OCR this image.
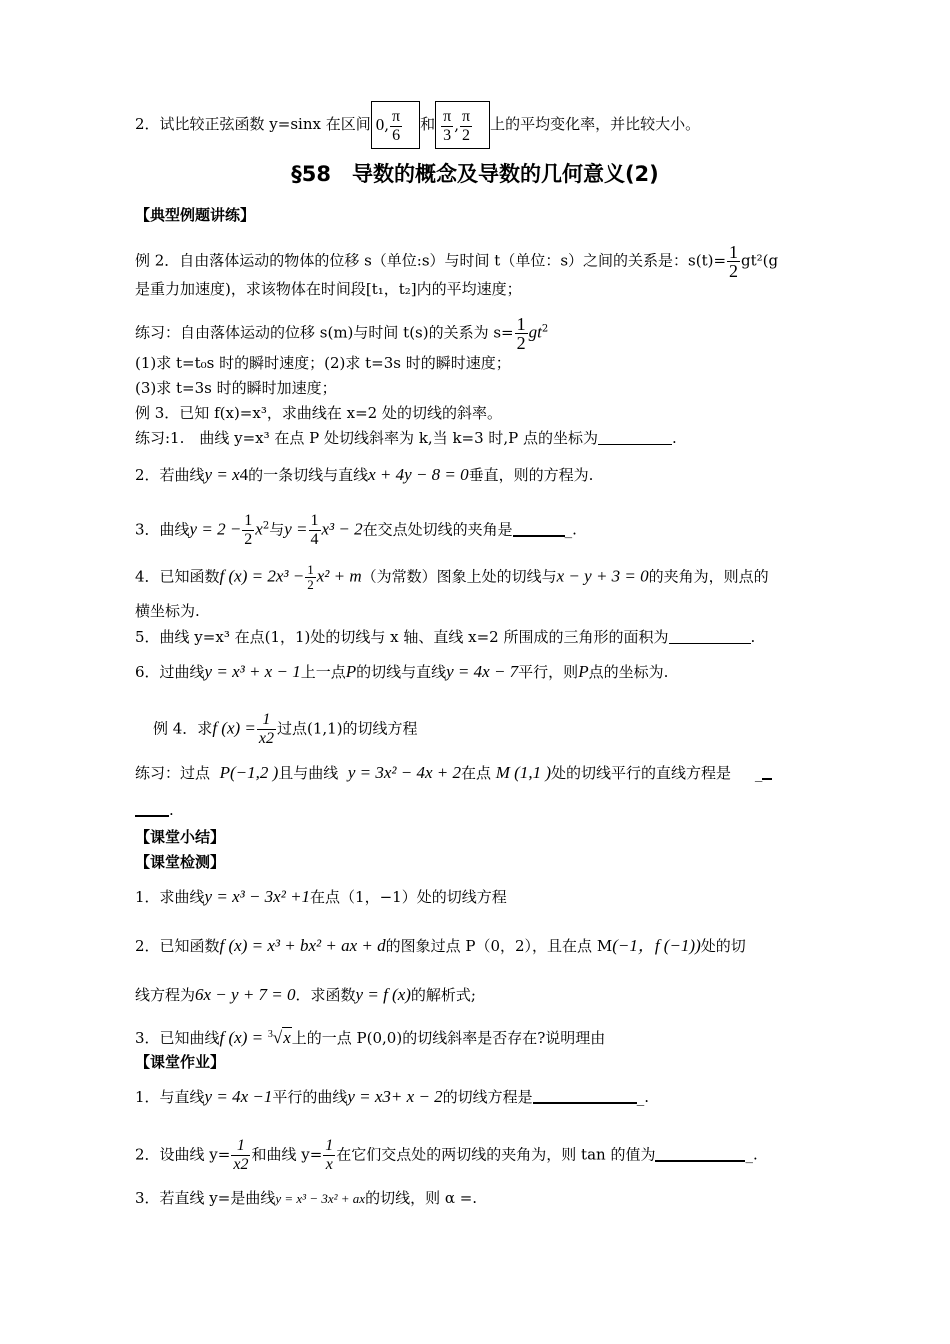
2．试比较正弦函数 y=sinx 在区间 0, $\frac{\pi}{6}$ 和 $\frac{\pi}{3}$ , $\frac{\pi}{2}$ 上的平均变化率，并比较大小。
§58　导数的概念及导数的几何意义(2)
【典型例题讲练】
例 2．自由落体运动的物体的位移 s（单位:s）与时间 t（单位：s）之间的关系是：$s(t)= \frac{1}{2} gt^2(g$
是重力加速度)，求该物体在时间段[t₁，t₂]内的平均速度；
练习：自由落体运动的位移 s(m)与时间 t(s)的关系为 $s= \frac{1}{2} gt^2$
(1)求 t=t₀s 时的瞬时速度；(2)求 t=3s 时的瞬时速度；
(3)求 t=3s 时的瞬时加速度；
例 3．已知 f(x)=x³，求曲线在 x=2 处的切线的斜率。
练习:1.　曲线 y=x³ 在点 P 处切线斜率为 k,当 k=3 时,P 点的坐标为	.
2．若曲线y = x4的一条切线与直线x + 4y − 8 = 0垂直，则的方程为.
3．曲线$y = 2 - \frac{1}{2} x^2$与$y = \frac{1}{4} x^3 - 2$在交点处切线的夹角是	_.
4．已知函数f $(x) = 2x^3 - \frac{1}{2} x^2 + m$（为常数）图象上处的切线与x − y + 3 = 0的夹角为，则点的
横坐标为.
5．曲线 y=x³ 在点(1，1)处的切线与 x 轴、直线 x=2 所围成的三角形的面积为	.
6．过曲线y = x³ + x − 1上一点P的切线与直线y = 4x − 7平行，则P点的坐标为.
例 4．求f $(x) = \frac{1}{x2}$ 过点(1,1)的切线方程
练习：过点 P(−1,2 )且与曲线 y = 3x² − 4x + 2在点 M (1,1 )处的切线平行的直线方程是     _
.
【课堂小结】
【课堂检测】
1．求曲线y = x³ − 3x² +1在点（1，−1）处的切线方程
2．已知函数f (x) = x³ + bx² + ax + d的图象过点 P（0，2），且在点 M(−1，f (−1))处的切
线方程为6x − y + 7 = 0．求函数y = f (x)的解析式;
3．已知曲线f (x) = $^3$√x上的一点 P(0,0)的切线斜率是否存在?说明理由
【课堂作业】
1．与直线y = 4x −1平行的曲线y = x3+ x − 2的切线方程是	_.
2．设曲线 $y= \frac{1}{x2}$ 和曲线 $y= \frac{1}{x}$ 在它们交点处的两切线的夹角为，则 tan 的值为	_.
3．若直线 y=是曲线y = x³ − 3x² + ax的切线，则 α =.
